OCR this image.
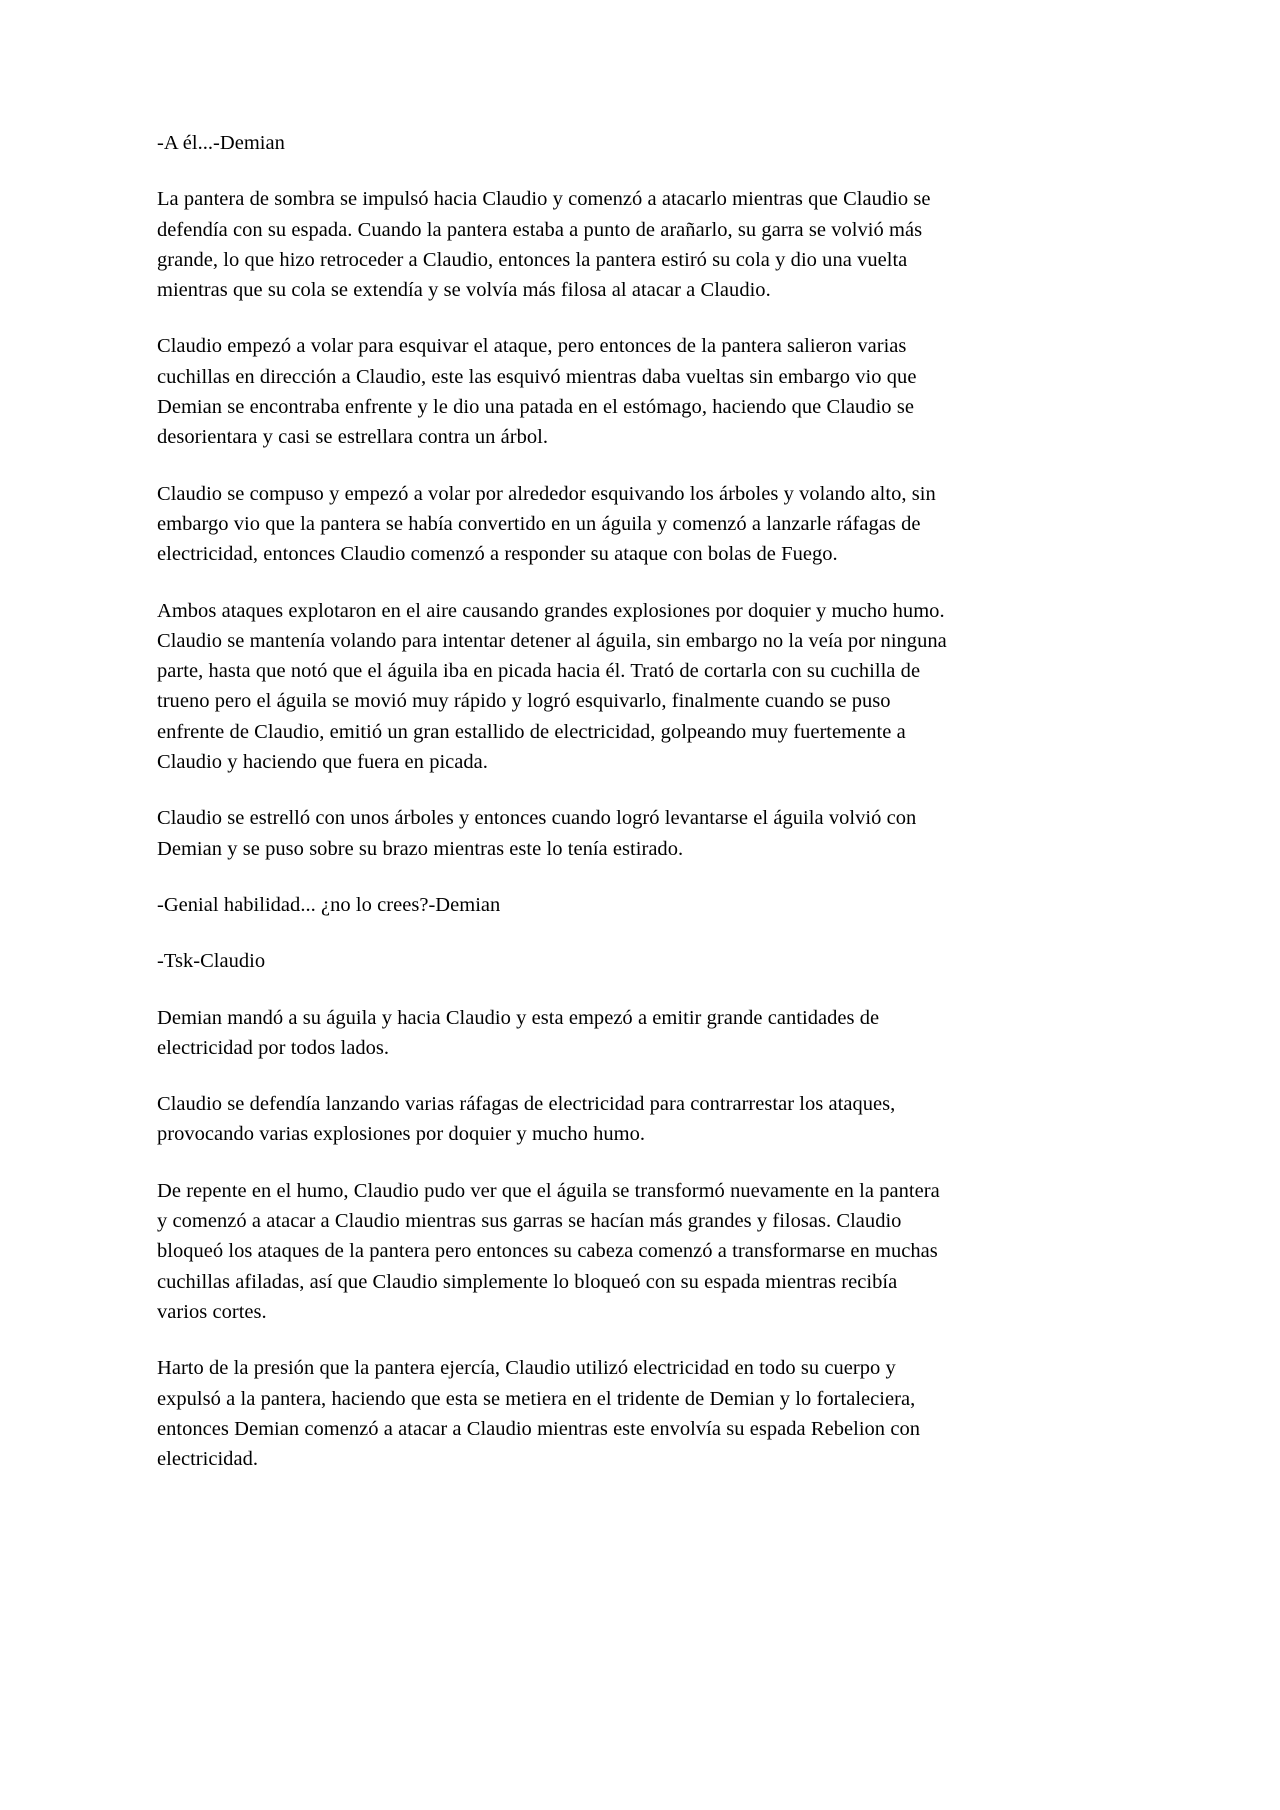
-A él...-Demian

La pantera de sombra se impulsó hacia Claudio y comenzó a atacarlo mientras que Claudio se defendía con su espada. Cuando la pantera estaba a punto de arañarlo, su garra se volvió más grande, lo que hizo retroceder a Claudio, entonces la pantera estiró su cola y dio una vuelta mientras que su cola se extendía y se volvía más filosa al atacar a Claudio.

Claudio empezó a volar para esquivar el ataque, pero entonces de la pantera salieron varias cuchillas en dirección a Claudio, este las esquivó mientras daba vueltas sin embargo vio que Demian se encontraba enfrente y le dio una patada en el estómago, haciendo que Claudio se desorientara y casi se estrellara contra un árbol.

Claudio se compuso y empezó a volar por alrededor esquivando los árboles y volando alto, sin embargo vio que la pantera se había convertido en un águila y comenzó a lanzarle ráfagas de electricidad, entonces Claudio comenzó a responder su ataque con bolas de Fuego.

Ambos ataques explotaron en el aire causando grandes explosiones por doquier y mucho humo. Claudio se mantenía volando para intentar detener al águila, sin embargo no la veía por ninguna parte, hasta que notó que el águila iba en picada hacia él. Trató de cortarla con su cuchilla de trueno pero el águila se movió muy rápido y logró esquivarlo, finalmente cuando se puso enfrente de Claudio, emitió un gran estallido de electricidad, golpeando muy fuertemente a Claudio y haciendo que fuera en picada.

Claudio se estrelló con unos árboles y entonces cuando logró levantarse el águila volvió con Demian y se puso sobre su brazo mientras este lo tenía estirado.

-Genial habilidad... ¿no lo crees?-Demian

-Tsk-Claudio

Demian mandó a su águila y hacia Claudio y esta empezó a emitir grande cantidades de electricidad por todos lados.

Claudio se defendía lanzando varias ráfagas de electricidad para contrarrestar los ataques, provocando varias explosiones por doquier y mucho humo.

De repente en el humo, Claudio pudo ver que el águila se transformó nuevamente en la pantera y comenzó a atacar a Claudio mientras sus garras se hacían más grandes y filosas. Claudio bloqueó los ataques de la pantera pero entonces su cabeza comenzó a transformarse en muchas cuchillas afiladas, así que Claudio simplemente lo bloqueó con su espada mientras recibía varios cortes.

Harto de la presión que la pantera ejercía, Claudio utilizó electricidad en todo su cuerpo y expulsó a la pantera, haciendo que esta se metiera en el tridente de Demian y lo fortaleciera, entonces Demian comenzó a atacar a Claudio mientras este envolvía su espada Rebelion con electricidad.
